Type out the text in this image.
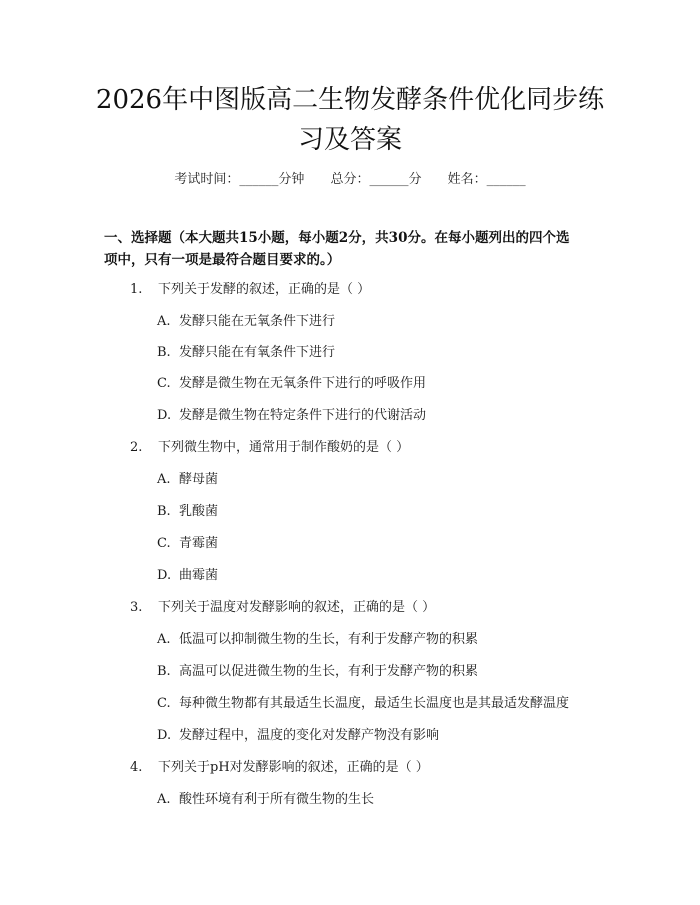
2026年中图版高二生物发酵条件优化同步练
习及答案
考试时间：______分钟 总分：______分 姓名：______
一、选择题（本大题共15小题，每小题2分，共30分。在每小题列出的四个选
项中，只有一项是最符合题目要求的。）
1. 下列关于发酵的叙述，正确的是（ ）
A. 发酵只能在无氧条件下进行
B. 发酵只能在有氧条件下进行
C. 发酵是微生物在无氧条件下进行的呼吸作用
D. 发酵是微生物在特定条件下进行的代谢活动
2. 下列微生物中，通常用于制作酸奶的是（ ）
A. 酵母菌
B. 乳酸菌
C. 青霉菌
D. 曲霉菌
3. 下列关于温度对发酵影响的叙述，正确的是（ ）
A. 低温可以抑制微生物的生长，有利于发酵产物的积累
B. 高温可以促进微生物的生长，有利于发酵产物的积累
C. 每种微生物都有其最适生长温度，最适生长温度也是其最适发酵温度
D. 发酵过程中，温度的变化对发酵产物没有影响
4. 下列关于pH对发酵影响的叙述，正确的是（ ）
A. 酸性环境有利于所有微生物的生长
